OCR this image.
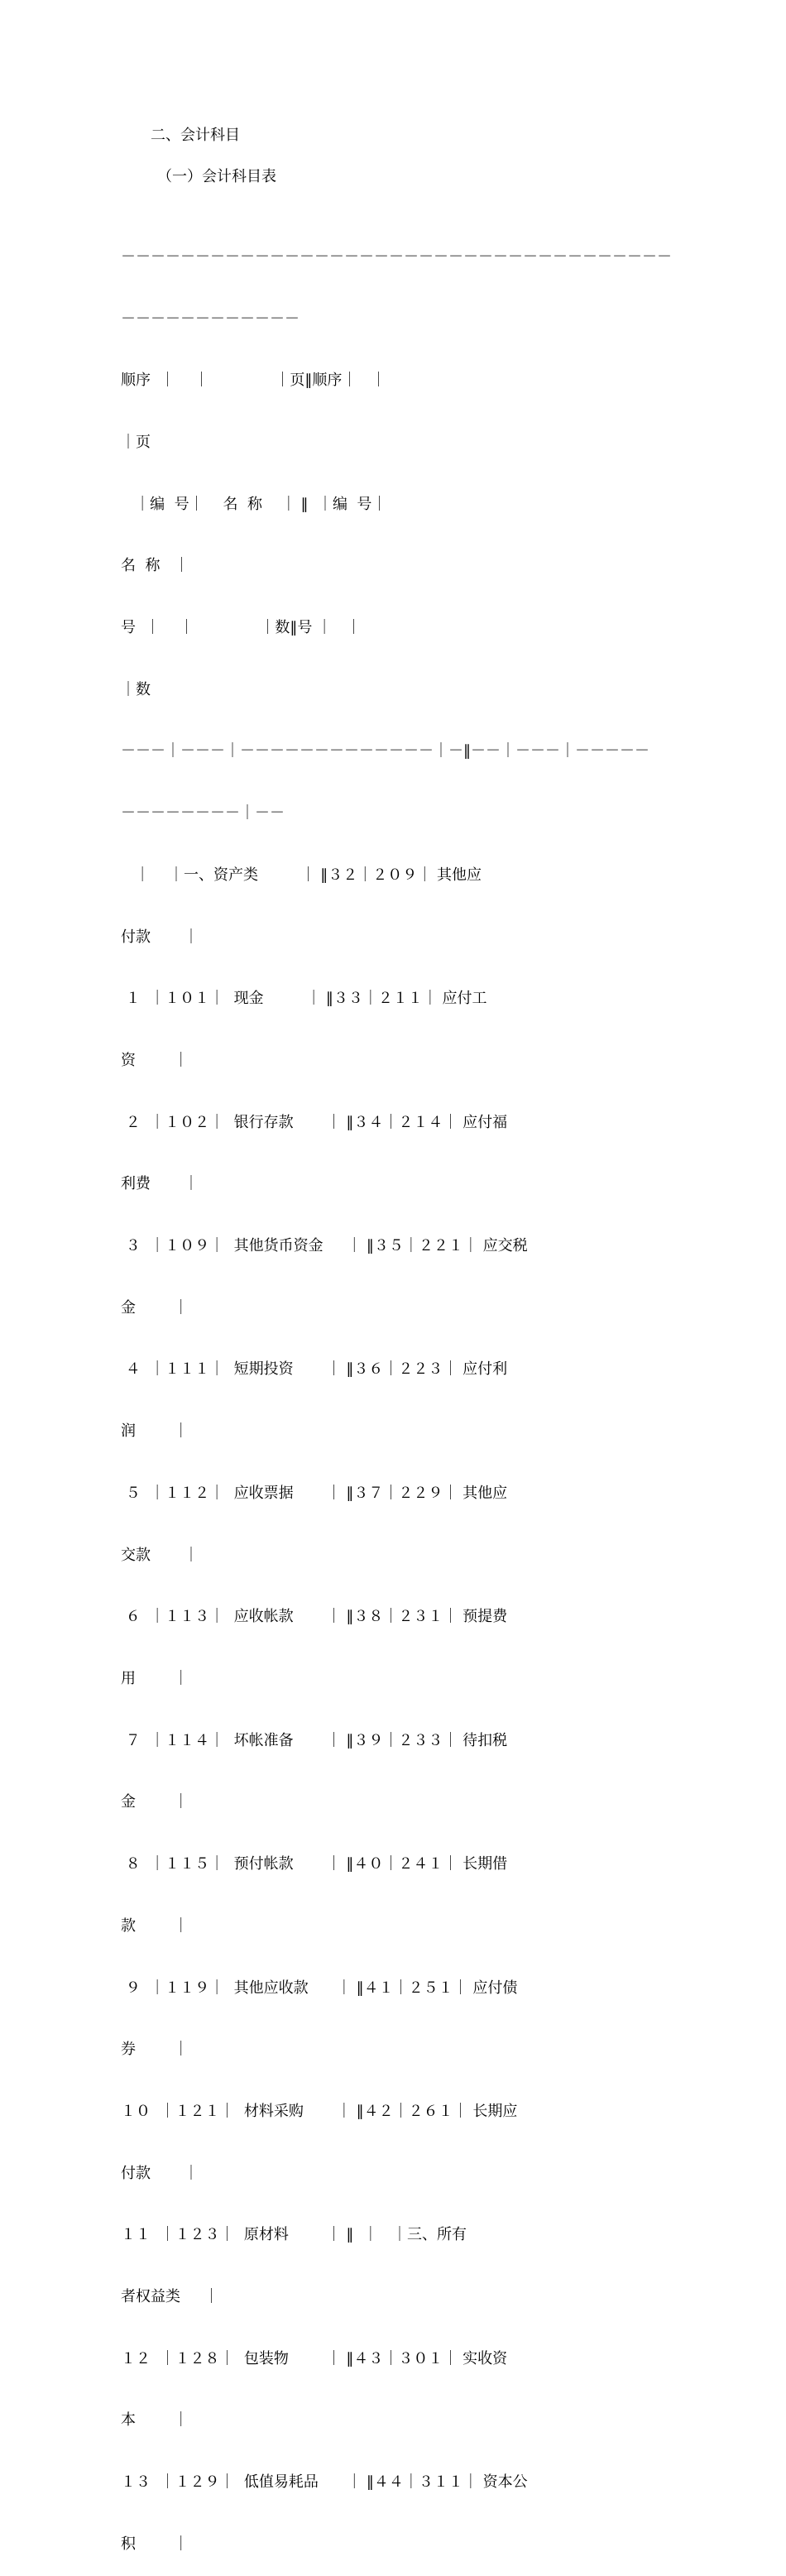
二、会计科目
（一）会计科目表

－－－－－－－－－－－－－－－－－－－－－－－－－－－－－－－－－－－－－

－－－－－－－－－－－－

顺序  ｜    ｜              ｜页‖顺序｜   ｜

｜页

｜编  号｜    名  称    ｜ ‖  ｜编  号｜

名  称   ｜

号  ｜    ｜              ｜数‖号 ｜   ｜

｜数

－－－｜－－－｜－－－－－－－－－－－－－｜－‖－－｜－－－｜－－－－－

－－－－－－－－｜－－

｜    ｜一、资产类         ｜ ‖３２｜２０９｜ 其他应

付款       ｜

１  ｜１０１｜  现金         ｜ ‖３３｜２１１｜ 应付工

资        ｜

２  ｜１０２｜  银行存款       ｜ ‖３４｜２１４｜ 应付福

利费       ｜

３  ｜１０９｜  其他货币资金     ｜ ‖３５｜２２１｜ 应交税

金        ｜

４  ｜１１１｜  短期投资       ｜ ‖３６｜２２３｜ 应付利

润        ｜

５  ｜１１２｜  应收票据       ｜ ‖３７｜２２９｜ 其他应

交款       ｜

６  ｜１１３｜  应收帐款       ｜ ‖３８｜２３１｜ 预提费

用        ｜

７  ｜１１４｜  坏帐准备       ｜ ‖３９｜２３３｜ 待扣税

金        ｜

８  ｜１１５｜  预付帐款       ｜ ‖４０｜２４１｜ 长期借

款        ｜

９  ｜１１９｜  其他应收款      ｜ ‖４１｜２５１｜ 应付债

券        ｜

１０  ｜１２１｜  材料采购       ｜ ‖４２｜２６１｜ 长期应

付款       ｜

１１  ｜１２３｜  原材料        ｜ ‖  ｜   ｜三、所有

者权益类     ｜

１２  ｜１２８｜  包装物        ｜ ‖４３｜３０１｜ 实收资

本        ｜

１３  ｜１２９｜  低值易耗品      ｜ ‖４４｜３１１｜ 资本公

积        ｜
